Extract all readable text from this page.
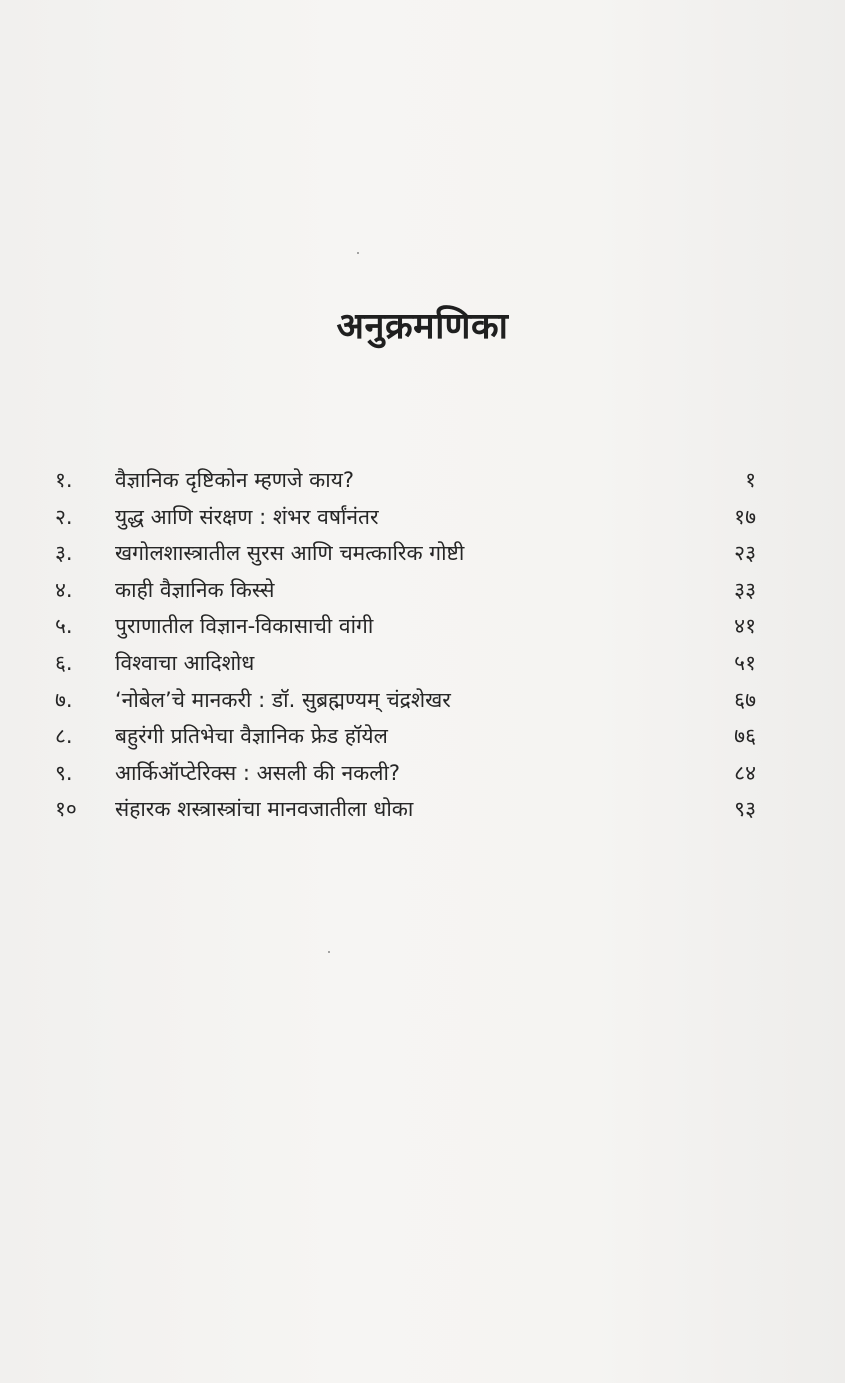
अनुक्रमणिका
१.	वैज्ञानिक दृष्टिकोन म्हणजे काय?	१
२.	युद्ध आणि संरक्षण : शंभर वर्षांनंतर	१७
३.	खगोलशास्त्रातील सुरस आणि चमत्कारिक गोष्टी	२३
४.	काही वैज्ञानिक किस्से	३३
५.	पुराणातील विज्ञान-विकासाची वांगी	४१
६.	विश्वाचा आदिशोध	५१
७.	‘नोबेल’चे मानकरी : डॉ. सुब्रह्मण्यम् चंद्रशेखर	६७
८.	बहुरंगी प्रतिभेचा वैज्ञानिक फ्रेड हॉयेल	७६
९.	आर्किऑप्टेरिक्स : असली की नकली?	८४
१०	संहारक शस्त्रास्त्रांचा मानवजातीला धोका	९३
